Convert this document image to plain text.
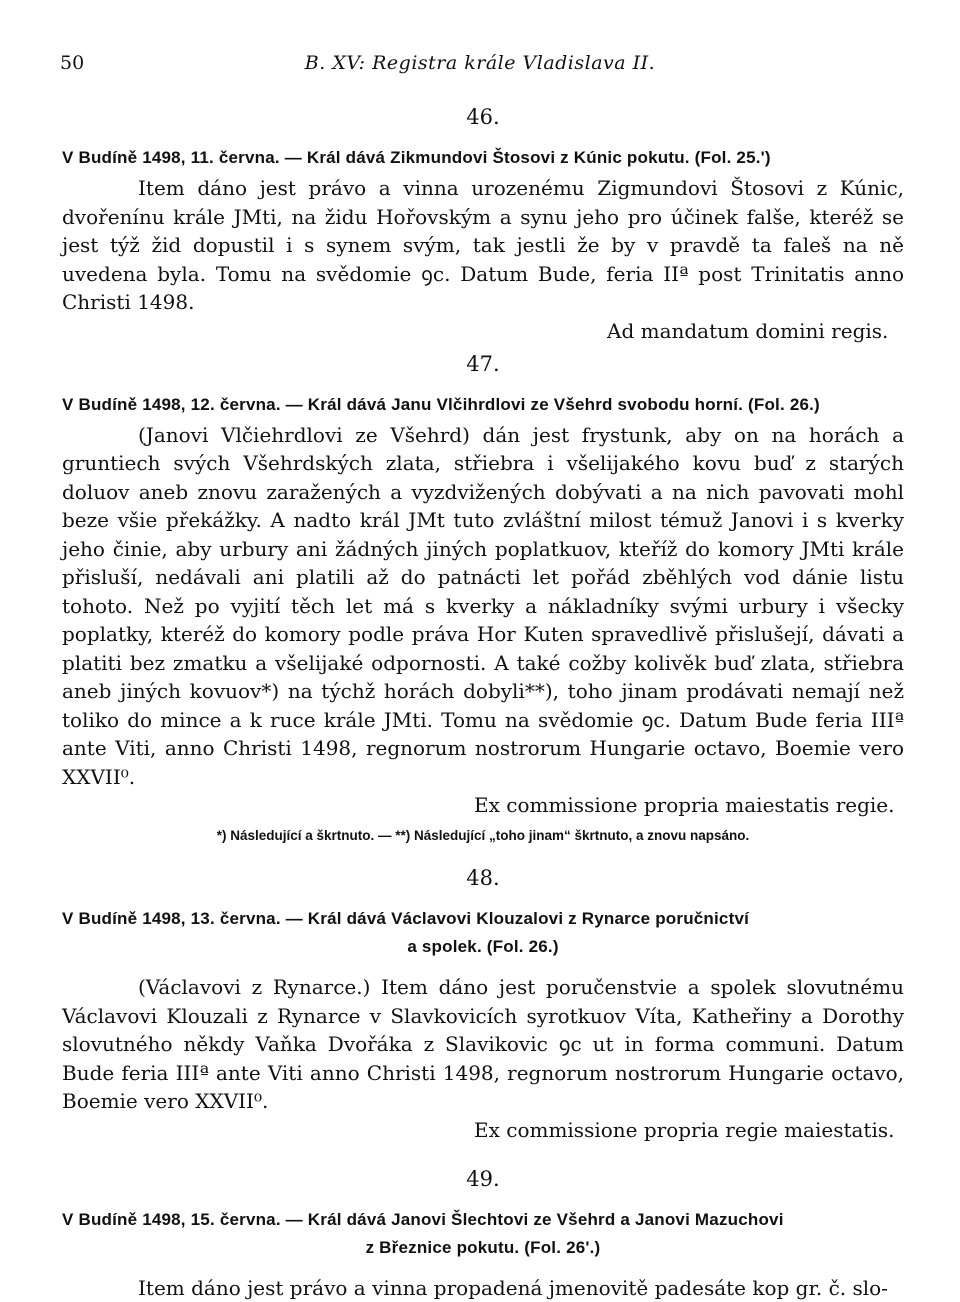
50	B. XV: Registra krále Vladislava II.
46.
V Budíně 1498, 11. června. — Král dává Zikmundovi Štosovi z Kúnic pokutu. (Fol. 25.')

Item dáno jest právo a vinna urozenému Zigmundovi Štosovi z Kúnic, dvořenínu krále JMti, na židu Hořovským a synu jeho pro účinek falše, kteréž se jest týž žid dopustil i s synem svým, tak jestli že by v pravdě ta faleš na ně uvedena byla. Tomu na svědomie ꝯc. Datum Bude, feria IIª post Trinitatis anno Christi 1498.

Ad mandatum domini regis.
47.
V Budíně 1498, 12. června. — Král dává Janu Vlčihrdlovi ze Všehrd svobodu horní. (Fol. 26.)

(Janovi Vlčiehrdlovi ze Všehrd) dán jest frystunk, aby on na horách a gruntiech svých Všehrdských zlata, střiebra i všelijakého kovu buď z starých doluov aneb znovu zaražených a vyzdvižených dobývati a na nich pavovati mohl beze všie překážky. A nadto král JMt tuto zvláštní milost témuž Janovi i s kverky jeho činie, aby urbury ani žádných jiných poplatkuov, kteříž do komory JMti krále přisluší, nedávali ani platili až do patnácti let pořád zběhlých vod dánie listu tohoto. Než po vyjití těch let má s kverky a nákladníky svými urbury i všecky poplatky, kteréž do komory podle práva Hor Kuten spravedlivě přislušejí, dávati a platiti bez zmatku a všelijaké odpornosti. A také cožby kolivěk buď zlata, střiebra aneb jiných kovuov*) na týchž horách dobyli**), toho jinam prodávati nemají než toliko do mince a k ruce krále JMti. Tomu na svědomie ꝯc. Datum Bude feria IIIª ante Viti, anno Christi 1498, regnorum nostrorum Hungarie octavo, Boemie vero XXVII⁰.

Ex commissione propria maiestatis regie.
*) Následující a škrtnuto. — **) Následující „toho jinam“ škrtnuto, a znovu napsáno.
48.
V Budíně 1498, 13. června. — Král dává Václavovi Klouzalovi z Rynarce poručnictví
a spolek. (Fol. 26.)

(Václavovi z Rynarce.) Item dáno jest poručenstvie a spolek slovutnému Václavovi Klouzali z Rynarce v Slavkovicích syrotkuov Víta, Katheřiny a Dorothy slovutného někdy Vaňka Dvořáka z Slavikovic ꝯc ut in forma communi. Datum Bude feria IIIª ante Viti anno Christi 1498, regnorum nostrorum Hungarie octavo, Boemie vero XXVII⁰.

Ex commissione propria regie maiestatis.
49.
V Budíně 1498, 15. června. — Král dává Janovi Šlechtovi ze Všehrd a Janovi Mazuchovi
z Březnice pokutu. (Fol. 26'.)

Item dáno jest právo a vinna propadená jmenovitě padesáte kop gr. č. slo-
